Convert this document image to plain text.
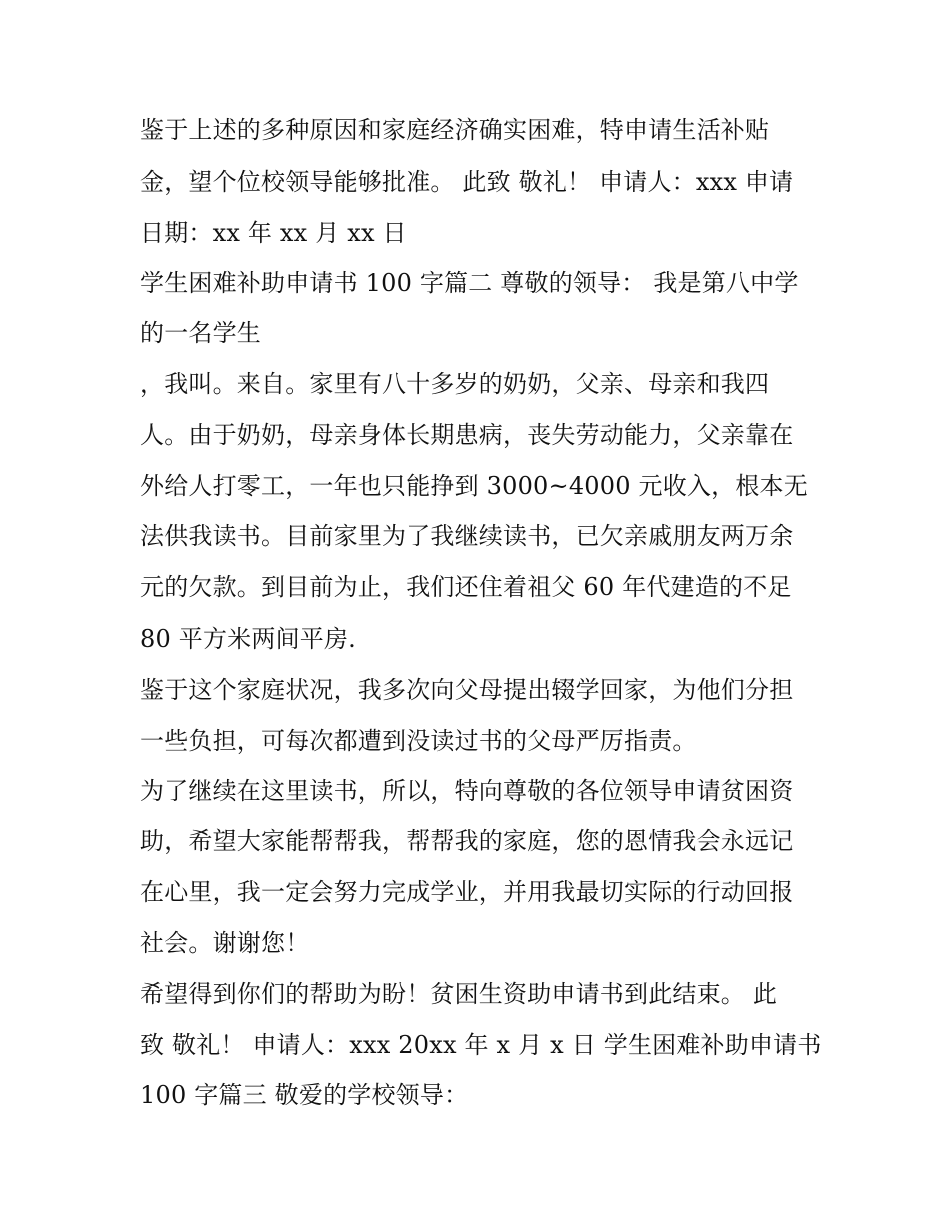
鉴于上述的多种原因和家庭经济确实困难，特申请生活补贴
金，望个位校领导能够批准。 此致 敬礼！ 申请人：xxx 申请
日期：xx 年 xx 月 xx 日
学生困难补助申请书 100 字篇二 尊敬的领导： 我是第八中学
的一名学生
，我叫。来自。家里有八十多岁的奶奶，父亲、母亲和我四
人。由于奶奶，母亲身体长期患病，丧失劳动能力，父亲靠在
外给人打零工，一年也只能挣到 3000~4000 元收入，根本无
法供我读书。目前家里为了我继续读书，已欠亲戚朋友两万余
元的欠款。到目前为止，我们还住着祖父 60 年代建造的不足
80 平方米两间平房.
鉴于这个家庭状况，我多次向父母提出辍学回家，为他们分担
一些负担，可每次都遭到没读过书的父母严厉指责。
为了继续在这里读书，所以，特向尊敬的各位领导申请贫困资
助，希望大家能帮帮我，帮帮我的家庭，您的恩情我会永远记
在心里，我一定会努力完成学业，并用我最切实际的行动回报
社会。谢谢您！
希望得到你们的帮助为盼！贫困生资助申请书到此结束。 此
致 敬礼！ 申请人：xxx 20xx 年 x 月 x 日 学生困难补助申请书
100 字篇三 敬爱的学校领导：
